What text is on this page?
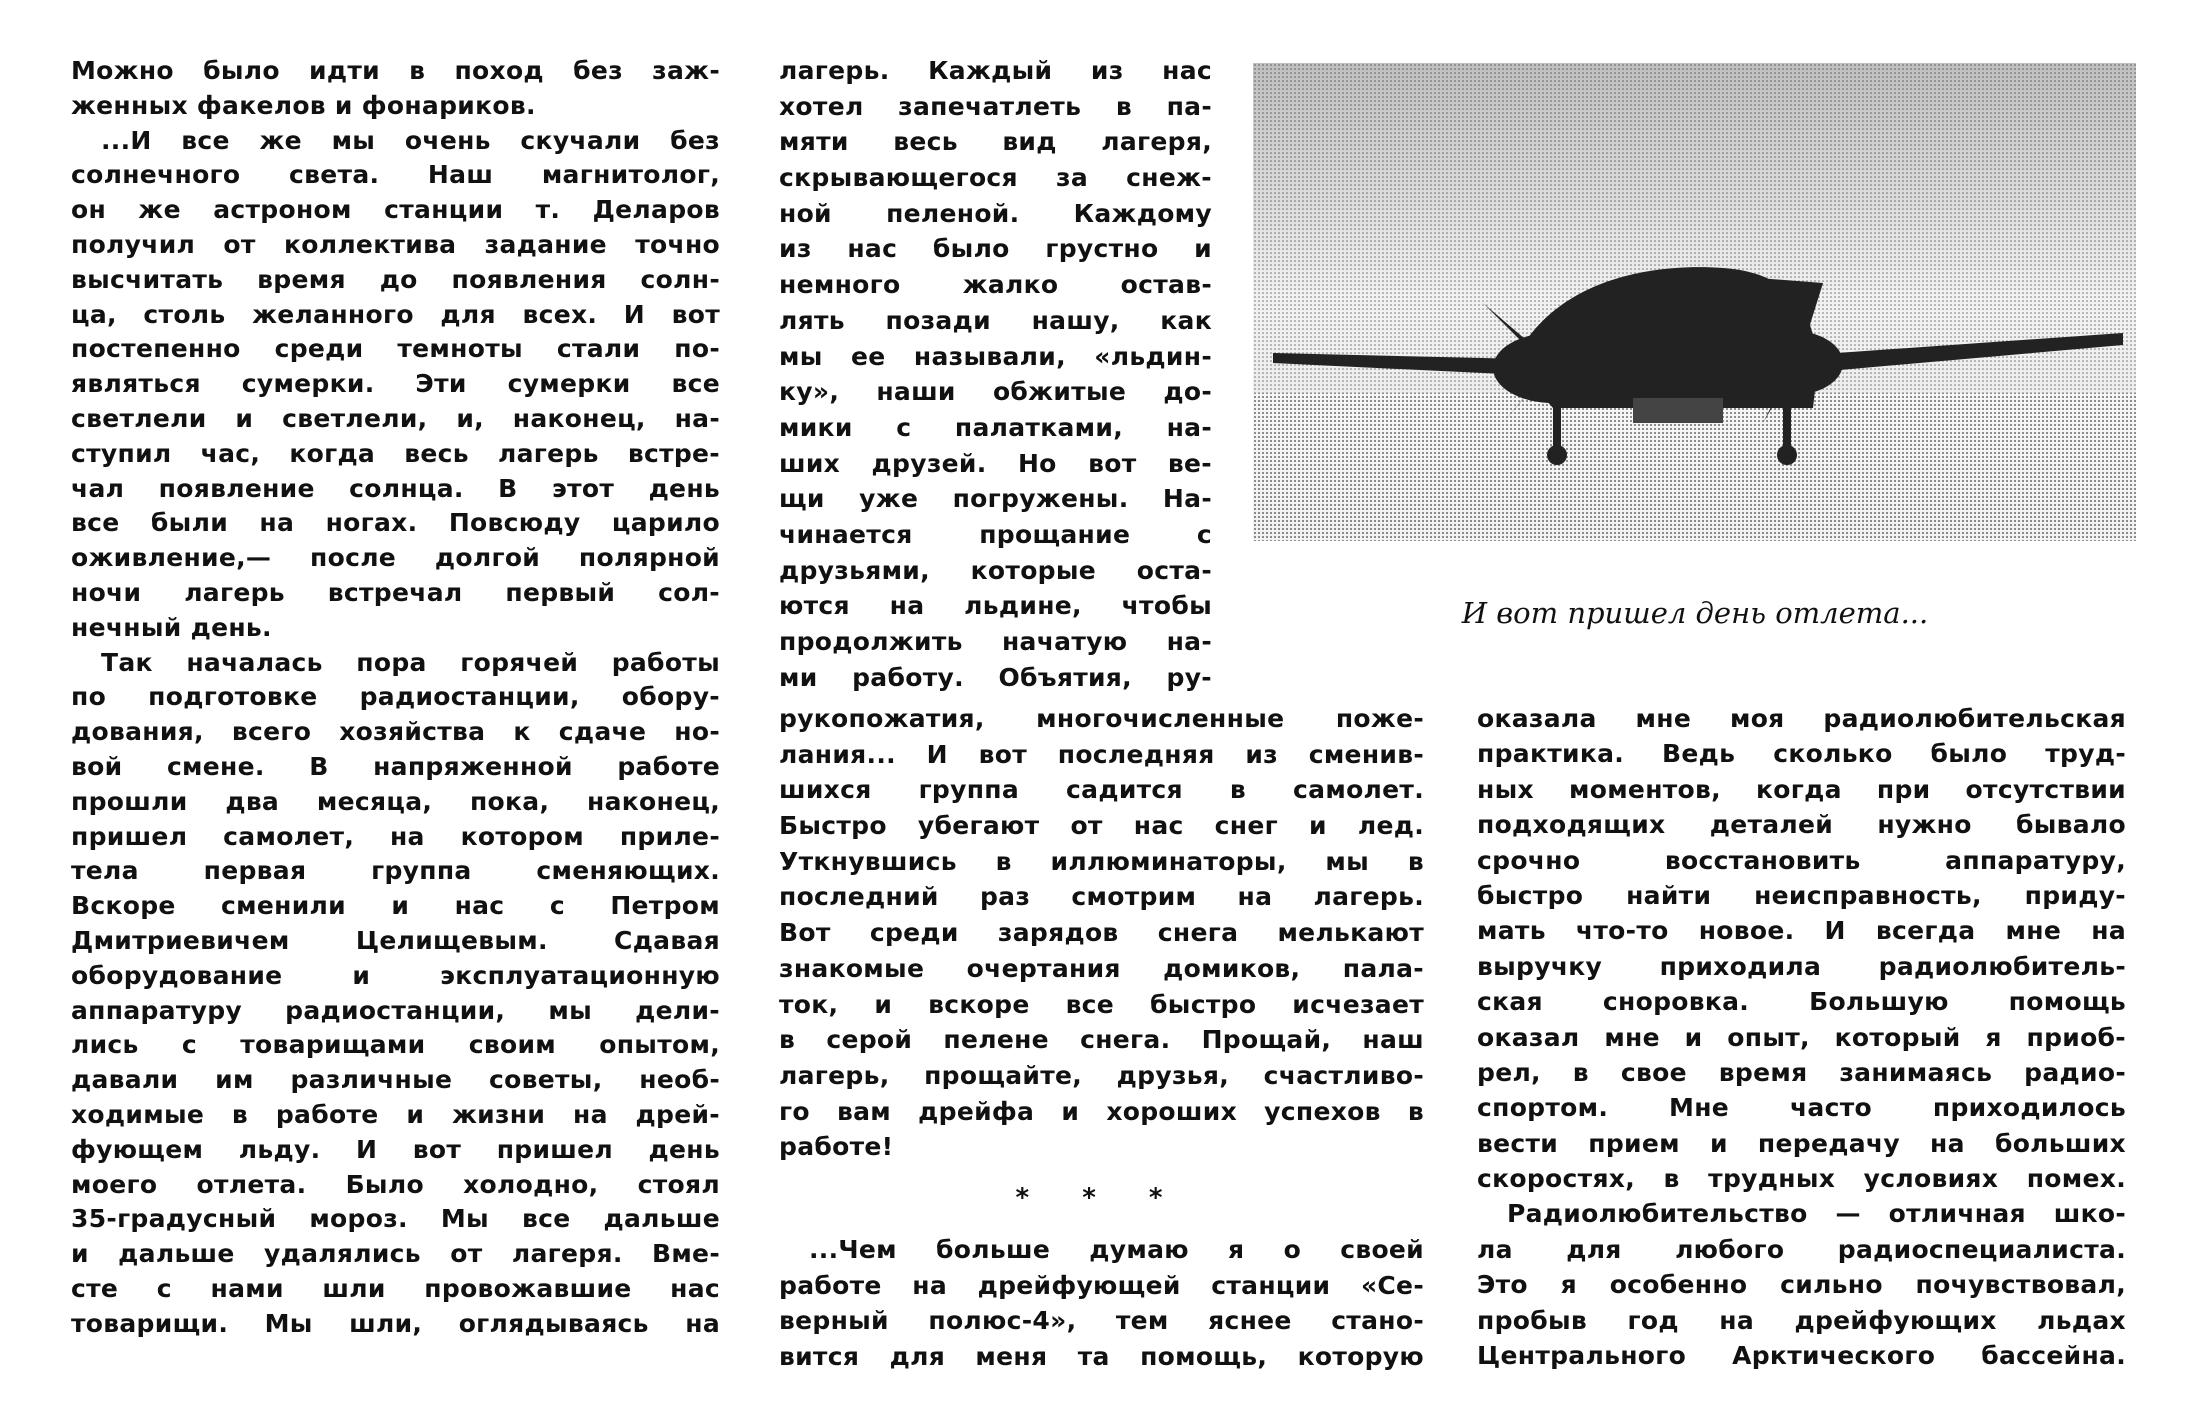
Можно было идти в поход без заж-
женных факелов и фонариков.
...И все же мы очень скучали без
солнечного света. Наш магнитолог,
он же астроном станции т. Деларов
получил от коллектива задание точно
высчитать время до появления солн-
ца, столь желанного для всех. И вот
постепенно среди темноты стали по-
являться сумерки. Эти сумерки все
светлели и светлели, и, наконец, на-
ступил час, когда весь лагерь встре-
чал появление солнца. В этот день
все были на ногах. Повсюду царило
оживление,— после долгой полярной
ночи лагерь встречал первый сол-
нечный день.
Так началась пора горячей работы
по подготовке радиостанции, обору-
дования, всего хозяйства к сдаче но-
вой смене. В напряженной работе
прошли два месяца, пока, наконец,
пришел самолет, на котором приле-
тела первая группа сменяющих.
Вскоре сменили и нас с Петром
Дмитриевичем Целищевым. Сдавая
оборудование и эксплуатационную
аппаратуру радиостанции, мы дели-
лись с товарищами своим опытом,
давали им различные советы, необ-
ходимые в работе и жизни на дрей-
фующем льду. И вот пришел день
моего отлета. Было холодно, стоял
35-градусный мороз. Мы все дальше
и дальше удалялись от лагеря. Вме-
сте с нами шли провожавшие нас
товарищи. Мы шли, оглядываясь на
лагерь. Каждый из нас
хотел запечатлеть в па-
мяти весь вид лагеря,
скрывающегося за снеж-
ной пеленой. Каждому
из нас было грустно и
немного жалко остав-
лять позади нашу, как
мы ее называли, «льдин-
ку», наши обжитые до-
мики с палатками, на-
ших друзей. Но вот ве-
щи уже погружены. На-
чинается прощание с
друзьями, которые оста-
ются на льдине, чтобы
продолжить начатую на-
ми работу. Объятия, ру-
рукопожатия, многочисленные поже-
лания... И вот последняя из сменив-
шихся группа садится в самолет.
Быстро убегают от нас снег и лед.
Уткнувшись в иллюминаторы, мы в
последний раз смотрим на лагерь.
Вот среди зарядов снега мелькают
знакомые очертания домиков, пала-
ток, и вскоре все быстро исчезает
в серой пелене снега. Прощай, наш
лагерь, прощайте, друзья, счастливо-
го вам дрейфа и хороших успехов в
работе!
* * *
...Чем больше думаю я о своей
работе на дрейфующей станции «Се-
верный полюс-4», тем яснее стано-
вится для меня та помощь, которую
оказала мне моя радиолюбительская
практика. Ведь сколько было труд-
ных моментов, когда при отсутствии
подходящих деталей нужно бывало
срочно восстановить аппаратуру,
быстро найти неисправность, приду-
мать что-то новое. И всегда мне на
выручку приходила радиолюбитель-
ская сноровка. Большую помощь
оказал мне и опыт, который я приоб-
рел, в свое время занимаясь радио-
спортом. Мне часто приходилось
вести прием и передачу на больших
скоростях, в трудных условиях помех.
Радиолюбительство — отличная шко-
ла для любого радиоспециалиста.
Это я особенно сильно почувствовал,
пробыв год на дрейфующих льдах
Центрального Арктического бассейна.
И вот пришел день отлета...
